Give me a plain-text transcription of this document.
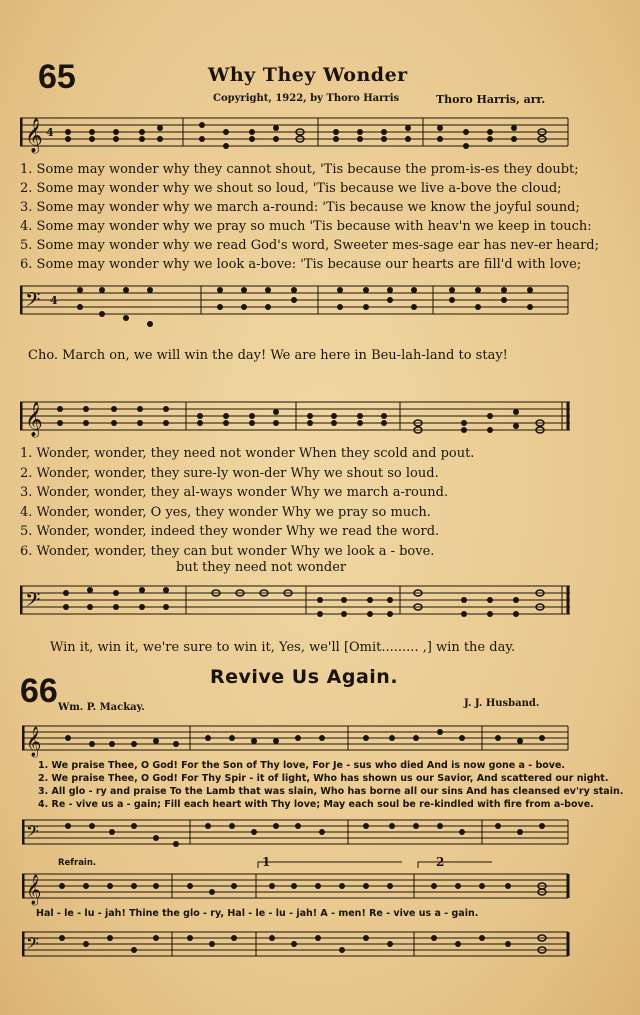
65	Why They Wonder
Copyright, 1922, by Thoro Harris	Thoro Harris, arr.
𝄞 4
1. Some may wonder why they cannot shout, 'Tis because the prom-is-es they doubt;
2. Some may wonder why we shout so loud, 'Tis because we live a-bove the cloud;
3. Some may wonder why we march a-round: 'Tis because we know the joyful sound;
4. Some may wonder why we pray so much 'Tis because with heav'n we keep in touch:
5. Some may wonder why we read God's word, Sweeter mes-sage ear has nev-er heard;
6. Some may wonder why we look a-bove: 'Tis because our hearts are fill'd with love;
𝄢 4
Cho. March on, we will win the day! We are here in Beu-lah-land to stay!
𝄞
1. Wonder, wonder, they need not wonder When they scold and pout.
2. Wonder, wonder, they sure-ly won-der Why we shout so loud.
3. Wonder, wonder, they al-ways wonder Why we march a-round.
4. Wonder, wonder, O yes, they wonder Why we pray so much.
5. Wonder, wonder, indeed they wonder Why we read the word.
6. Wonder, wonder, they can but wonder Why we look a - bove.
but they need not wonder
𝄢
Win it, win it, we're sure to win it, Yes, we'll [Omit......... ,] win the day.
66	Revive Us Again.
Wm. P. Mackay.	J. J. Husband.
𝄞
1. We praise Thee, O God! For the Son of Thy love, For Je - sus who died And is now gone a - bove.
2. We praise Thee, O God! For Thy Spir - it of light, Who has shown us our Savior, And scattered our night.
3. All glo - ry and praise To the Lamb that was slain, Who has borne all our sins And has cleansed ev'ry stain.
4. Re - vive us a - gain; Fill each heart with Thy love; May each soul be re-kindled with fire from a-bove.
𝄢
Refrain.
𝄞
1	2
Hal - le - lu - jah! Thine the glo - ry, Hal - le - lu - jah! A - men! Re - vive us a - gain.
𝄢
